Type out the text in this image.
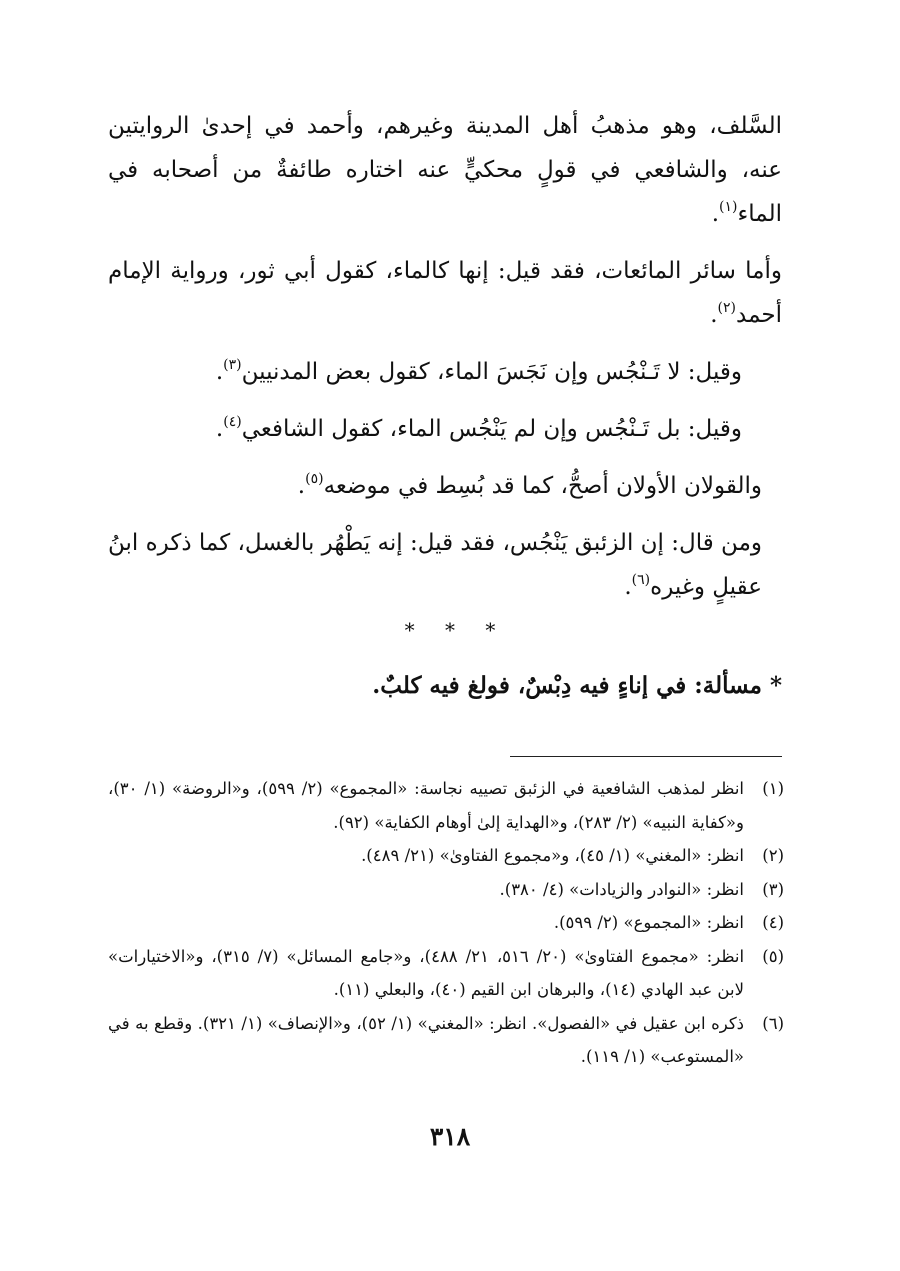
السَّلف، وهو مذهبُ أهل المدينة وغيرهم، وأحمد في إحدىٰ الروايتين عنه، والشافعي في قولٍ محكيٍّ عنه اختاره طائفةٌ من أصحابه في الماء$^{(١)}$.

وأما سائر المائعات، فقد قيل: إنها كالماء، كقول أبي ثور، ورواية الإمام أحمد$^{(٢)}$.

وقيل: لا تَـنْجُس وإن نَجَسَ الماء، كقول بعض المدنيين$^{(٣)}$.

وقيل: بل تَـنْجُس وإن لم يَنْجُس الماء، كقول الشافعي$^{(٤)}$.

والقولان الأولان أصحُّ، كما قد بُسِط في موضعه$^{(٥)}$.

ومن قال: إن الزئبق يَنْجُس، فقد قيل: إنه يَطْهُر بالغسل، كما ذكره ابنُ عقيلٍ وغيره$^{(٦)}$.

* * *
* مسألة: في إناءٍ فيه دِبْسٌ، فولغ فيه كلبٌ.
(١)
انظر لمذهب الشافعية في الزئبق تصييه نجاسة: «المجموع» (٢/ ٥٩٩)، و«الروضة» (١/ ٣٠)، و«كفاية النبيه» (٢/ ٢٨٣)، و«الهداية إلىٰ أوهام الكفاية» (٩٢).
(٢)
انظر: «المغني» (١/ ٤٥)، و«مجموع الفتاوىٰ» (٢١/ ٤٨٩).
(٣)
انظر: «النوادر والزيادات» (٤/ ٣٨٠).
(٤)
انظر: «المجموع» (٢/ ٥٩٩).
(٥)
انظر: «مجموع الفتاوىٰ» (٢٠/ ٥١٦، ٢١/ ٤٨٨)، و«جامع المسائل» (٧/ ٣١٥)، و«الاختيارات» لابن عبد الهادي (١٤)، والبرهان ابن القيم (٤٠)، والبعلي (١١).
(٦)
ذكره ابن عقيل في «الفصول». انظر: «المغني» (١/ ٥٢)، و«الإنصاف» (١/ ٣٢١). وقطع به في «المستوعب» (١/ ١١٩).
٣١٨
